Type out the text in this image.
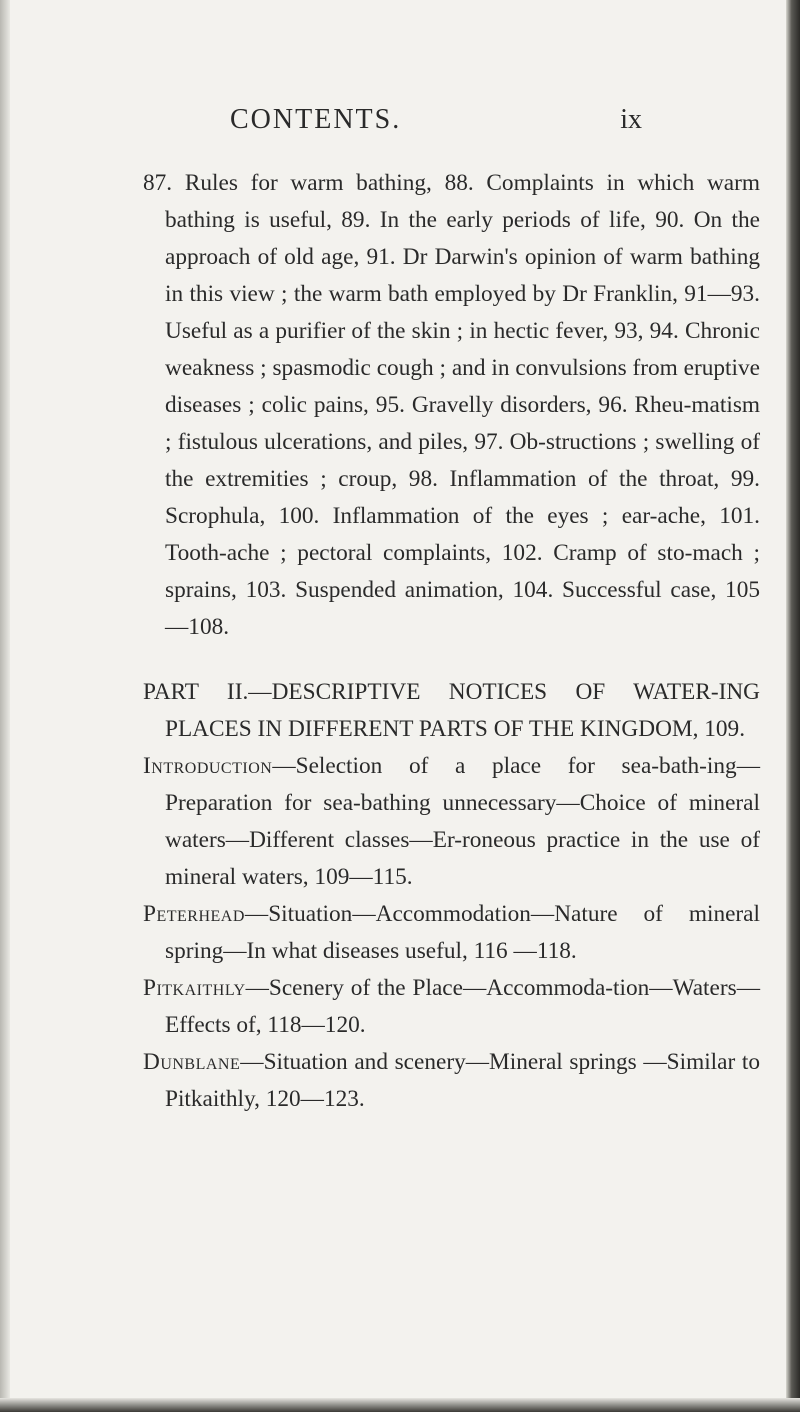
CONTENTS.	ix

87. Rules for warm bathing, 88. Complaints in which warm bathing is useful, 89. In the early periods of life, 90. On the approach of old age, 91. Dr Darwin's opinion of warm bathing in this view ; the warm bath employed by Dr Franklin, 91—93. Useful as a purifier of the skin ; in hectic fever, 93, 94. Chronic weakness ; spasmodic cough ; and in convulsions from eruptive diseases ; colic pains, 95. Gravelly disorders, 96. Rheu-matism ; fistulous ulcerations, and piles, 97. Ob-structions ; swelling of the extremities ; croup, 98. Inflammation of the throat, 99. Scrophula, 100. Inflammation of the eyes ; ear-ache, 101. Tooth-ache ; pectoral complaints, 102. Cramp of sto-mach ; sprains, 103. Suspended animation, 104. Successful case, 105—108.

PART II.—DESCRIPTIVE NOTICES OF WATER-ING PLACES IN DIFFERENT PARTS OF THE KINGDOM, 109.

Introduction—Selection of a place for sea-bath-ing—Preparation for sea-bathing unnecessary—Choice of mineral waters—Different classes—Er-roneous practice in the use of mineral waters, 109—115.

Peterhead—Situation—Accommodation—Nature of mineral spring—In what diseases useful, 116 —118.

Pitkaithly—Scenery of the Place—Accommoda-tion—Waters—Effects of, 118—120.

Dunblane—Situation and scenery—Mineral springs —Similar to Pitkaithly, 120—123.
